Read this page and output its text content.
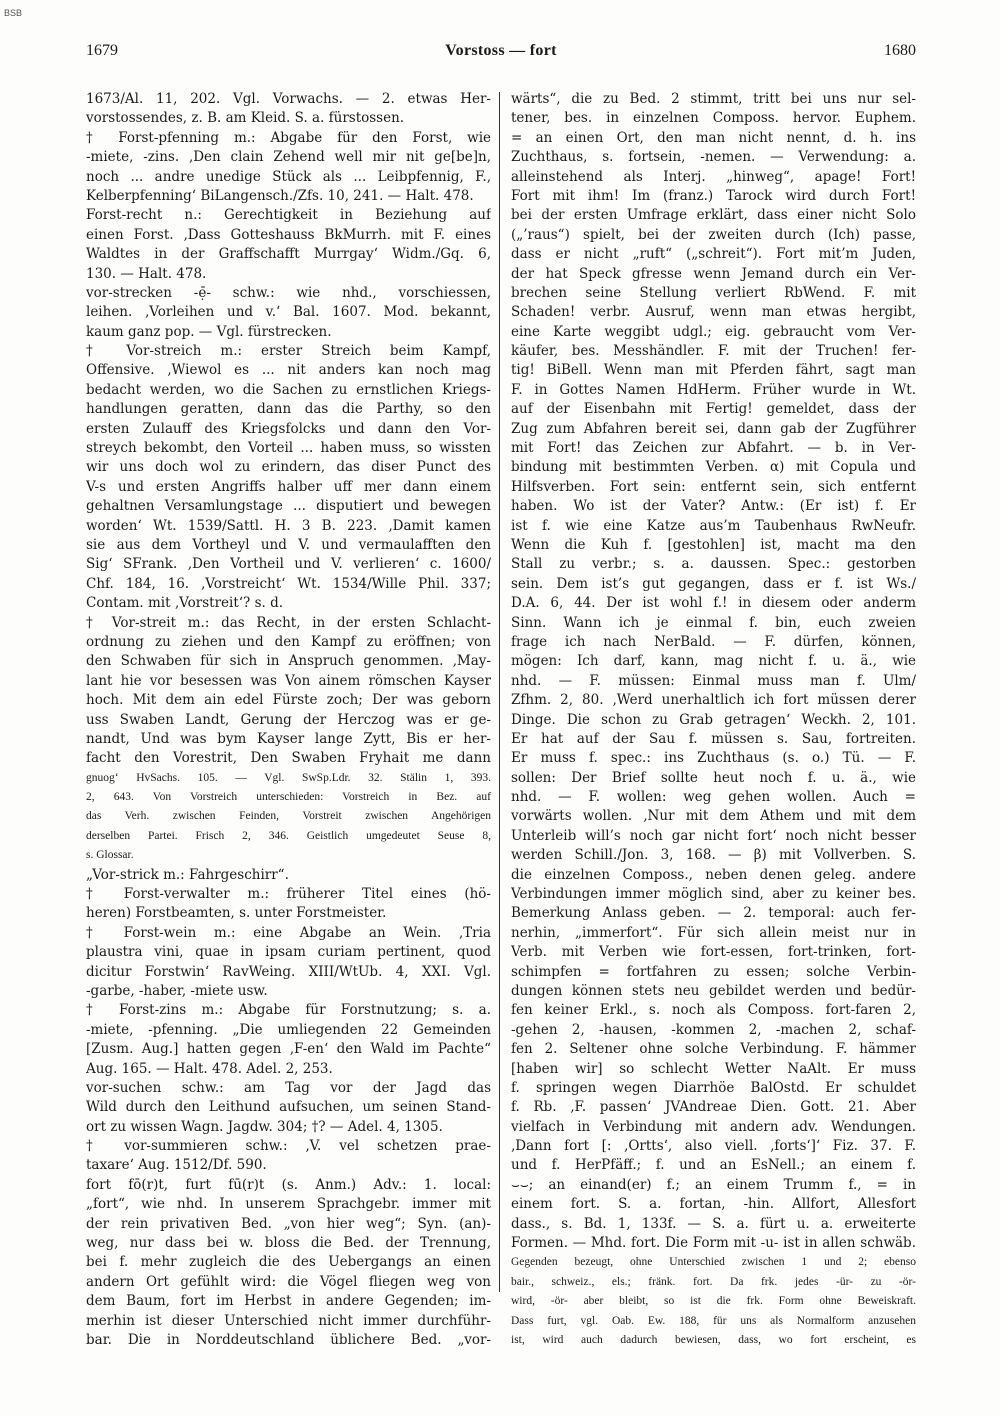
BSB
1679	Vorstoss — fort	1680
1673/Al. 11, 202. Vgl. Vorwachs. — 2. etwas Her-
vorstossendes, z. B. am Kleid. S. a. fürstossen.
† Forst-pfenning m.: Abgabe für den Forst, wie
-miete, -zins. ‚Den clain Zehend well mir nit ge[be]n,
noch ... andre unedige Stück als ... Leibpfennig, F.,
Kelberpfenning‘ BiLangensch./Zfs. 10, 241. — Halt. 478.
Forst-recht n.: Gerechtigkeit in Beziehung auf
einen Forst. ‚Dass Gotteshauss BkMurrh. mit F. eines
Waldtes in der Graffschafft Murrgay‘ Widm./Gq. 6,
130. — Halt. 478.
vor-strecken -ẹ̄- schw.: wie nhd., vorschiessen,
leihen. ‚Vorleihen und v.‘ Bal. 1607. Mod. bekannt,
kaum ganz pop. — Vgl. fürstrecken.
† Vor-streich m.: erster Streich beim Kampf,
Offensive. ‚Wiewol es ... nit anders kan noch mag
bedacht werden, wo die Sachen zu ernstlichen Kriegs-
handlungen geratten, dann das die Parthy, so den
ersten Zulauff des Kriegsfolcks und dann den Vor-
streych bekombt, den Vorteil ... haben muss, so wissten
wir uns doch wol zu erindern, das diser Punct des
V-s und ersten Angriffs halber uff mer dann einem
gehaltnen Versamlungstage ... disputiert und bewegen
worden‘ Wt. 1539/Sattl. H. 3 B. 223. ‚Damit kamen
sie aus dem Vortheyl und V. und vermaulafften den
Sig‘ SFrank. ‚Den Vortheil und V. verlieren‘ c. 1600/
Chf. 184, 16. ‚Vorstreicht‘ Wt. 1534/Wille Phil. 337;
Contam. mit ‚Vorstreit‘? s. d.
† Vor-streit m.: das Recht, in der ersten Schlacht-
ordnung zu ziehen und den Kampf zu eröffnen; von
den Schwaben für sich in Anspruch genommen. ‚May-
lant hie vor besessen was Von ainem römschen Kayser
hoch. Mit dem ain edel Fürste zoch; Der was geborn
uss Swaben Landt, Gerung der Herczog was er ge-
nandt, Und was bym Kayser lange Zytt, Bis er her-
facht den Vorestrit, Den Swaben Fryhait me dann
gnuog‘ HvSachs. 105. — Vgl. SwSp.Ldr. 32. Stälin 1, 393.
2, 643. Von Vorstreich unterschieden: Vorstreich in Bez. auf
das Verh. zwischen Feinden, Vorstreit zwischen Angehörigen
derselben Partei. Frisch 2, 346. Geistlich umgedeutet Seuse 8,
s. Glossar.
„Vor-strick m.: Fahrgeschirr“.
† Forst-verwalter m.: früherer Titel eines (hö-
heren) Forstbeamten, s. unter Forstmeister.
† Forst-wein m.: eine Abgabe an Wein. ‚Tria
plaustra vini, quae in ipsam curiam pertinent, quod
dicitur Forstwin‘ RavWeing. XIII/WtUb. 4, XXI. Vgl.
-garbe, -haber, -miete usw.
† Forst-zins m.: Abgabe für Forstnutzung; s. a.
-miete, -pfenning. „Die umliegenden 22 Gemeinden
[Zusm. Aug.] hatten gegen ‚F-en‘ den Wald im Pachte“
Aug. 165. — Halt. 478. Adel. 2, 253.
vor-suchen schw.: am Tag vor der Jagd das
Wild durch den Leithund aufsuchen, um seinen Stand-
ort zu wissen Wagn. Jagdw. 304; †? — Adel. 4, 1305.
† vor-summieren schw.: ‚V. vel schetzen prae-
taxare‘ Aug. 1512/Df. 590.
fort fō(r)t, furt fū(r)t (s. Anm.) Adv.: 1. local:
„fort“, wie nhd. In unserem Sprachgebr. immer mit
der rein privativen Bed. „von hier weg“; Syn. (an)-
weg, nur dass bei w. bloss die Bed. der Trennung,
bei f. mehr zugleich die des Uebergangs an einen
andern Ort gefühlt wird: die Vögel fliegen weg von
dem Baum, fort im Herbst in andere Gegenden; im-
merhin ist dieser Unterschied nicht immer durchführ-
bar. Die in Norddeutschland üblichere Bed. „vor-
wärts“, die zu Bed. 2 stimmt, tritt bei uns nur sel-
tener, bes. in einzelnen Composs. hervor. Euphem.
= an einen Ort, den man nicht nennt, d. h. ins
Zuchthaus, s. fortsein, -nemen. — Verwendung: a.
alleinstehend als Interj. „hinweg“, apage! Fort!
Fort mit ihm! Im (franz.) Tarock wird durch Fort!
bei der ersten Umfrage erklärt, dass einer nicht Solo
(„’raus“) spielt, bei der zweiten durch (Ich) passe,
dass er nicht „ruft“ („schreit“). Fort mit’m Juden,
der hat Speck gfresse wenn Jemand durch ein Ver-
brechen seine Stellung verliert RbWend. F. mit
Schaden! verbr. Ausruf, wenn man etwas hergibt,
eine Karte weggibt udgl.; eig. gebraucht vom Ver-
käufer, bes. Messhändler. F. mit der Truchen! fer-
tig! BiBell. Wenn man mit Pferden fährt, sagt man
F. in Gottes Namen HdHerm. Früher wurde in Wt.
auf der Eisenbahn mit Fertig! gemeldet, dass der
Zug zum Abfahren bereit sei, dann gab der Zugführer
mit Fort! das Zeichen zur Abfahrt. — b. in Ver-
bindung mit bestimmten Verben. α) mit Copula und
Hilfsverben. Fort sein: entfernt sein, sich entfernt
haben. Wo ist der Vater? Antw.: (Er ist) f. Er
ist f. wie eine Katze aus’m Taubenhaus RwNeufr.
Wenn die Kuh f. [gestohlen] ist, macht ma den
Stall zu verbr.; s. a. daussen. Spec.: gestorben
sein. Dem ist’s gut gegangen, dass er f. ist Ws./
D.A. 6, 44. Der ist wohl f.! in diesem oder anderm
Sinn. Wann ich je einmal f. bin, euch zweien
frage ich nach NerBald. — F. dürfen, können,
mögen: Ich darf, kann, mag nicht f. u. ä., wie
nhd. — F. müssen: Einmal muss man f. Ulm/
Zfhm. 2, 80. ‚Werd unerhaltlich ich fort müssen derer
Dinge. Die schon zu Grab getragen‘ Weckh. 2, 101.
Er hat auf der Sau f. müssen s. Sau, fortreiten.
Er muss f. spec.: ins Zuchthaus (s. o.) Tü. — F.
sollen: Der Brief sollte heut noch f. u. ä., wie
nhd. — F. wollen: weg gehen wollen. Auch =
vorwärts wollen. ‚Nur mit dem Athem und mit dem
Unterleib will’s noch gar nicht fort‘ noch nicht besser
werden Schill./Jon. 3, 168. — β) mit Vollverben. S.
die einzelnen Composs., neben denen geleg. andere
Verbindungen immer möglich sind, aber zu keiner bes.
Bemerkung Anlass geben. — 2. temporal: auch fer-
nerhin, „immerfort“. Für sich allein meist nur in
Verb. mit Verben wie fort-essen, fort-trinken, fort-
schimpfen = fortfahren zu essen; solche Verbin-
dungen können stets neu gebildet werden und bedür-
fen keiner Erkl., s. noch als Composs. fort-faren 2,
-gehen 2, -hausen, -kommen 2, -machen 2, schaf-
fen 2. Seltener ohne solche Verbindung. F. hämmer
[haben wir] so schlecht Wetter NaAlt. Er muss
f. springen wegen Diarrhöe BalOstd. Er schuldet
f. Rb. ‚F. passen‘ JVAndreae Dien. Gott. 21. Aber
vielfach in Verbindung mit andern adv. Wendungen.
‚Dann fort [: ‚Ortts‘, also viell. ‚forts‘]‘ Fiz. 37. F.
und f. HerPfäff.; f. und an EsNell.; an einem f.
⌣⌣; an einand(er) f.; an einem Trumm f., = in
einem fort. S. a. fortan, -hin. Allfort, Allesfort
dass., s. Bd. 1, 133f. — S. a. fürt u. a. erweiterte
Formen. — Mhd. fort. Die Form mit -u- ist in allen schwäb.
Gegenden bezeugt, ohne Unterschied zwischen 1 und 2; ebenso
bair., schweiz., els.; fränk. fort. Da frk. jedes -ür- zu -ör-
wird, -ör- aber bleibt, so ist die frk. Form ohne Beweiskraft.
Dass furt, vgl. Oab. Ew. 188, für uns als Normalform anzusehen
ist, wird auch dadurch bewiesen, dass, wo fort erscheint, es
